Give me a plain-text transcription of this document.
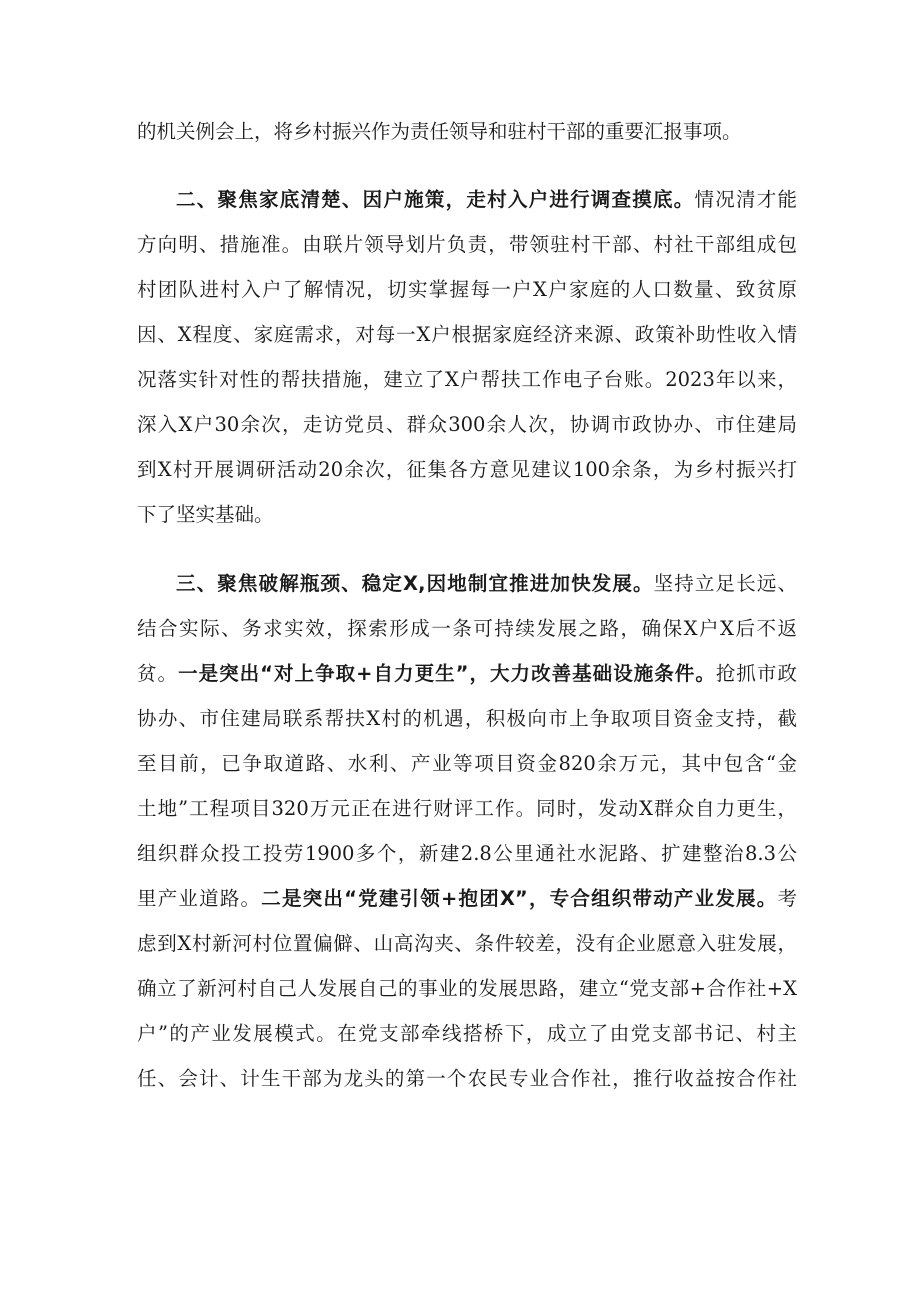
的机关例会上，将乡村振兴作为责任领导和驻村干部的重要汇报事项。
二、聚焦家底清楚、因户施策，走村入户进行调查摸底。情况清才能
方向明、措施准。由联片领导划片负责，带领驻村干部、村社干部组成包
村团队进村入户了解情况，切实掌握每一户X户家庭的人口数量、致贫原
因、X程度、家庭需求，对每一X户根据家庭经济来源、政策补助性收入情
况落实针对性的帮扶措施，建立了X户帮扶工作电子台账。2023年以来，
深入X户30余次，走访党员、群众300余人次，协调市政协办、市住建局
到X村开展调研活动20余次，征集各方意见建议100余条，为乡村振兴打
下了坚实基础。
三、聚焦破解瓶颈、稳定X,因地制宜推进加快发展。坚持立足长远、
结合实际、务求实效，探索形成一条可持续发展之路，确保X户X后不返
贫。一是突出“对上争取+自力更生”，大力改善基础设施条件。抢抓市政
协办、市住建局联系帮扶X村的机遇，积极向市上争取项目资金支持，截
至目前，已争取道路、水利、产业等项目资金820余万元，其中包含“金
土地”工程项目320万元正在进行财评工作。同时，发动X群众自力更生，
组织群众投工投劳1900多个，新建2.8公里通社水泥路、扩建整治8.3公
里产业道路。二是突出“党建引领+抱团X”，专合组织带动产业发展。考
虑到X村新河村位置偏僻、山高沟夹、条件较差，没有企业愿意入驻发展，
确立了新河村自己人发展自己的事业的发展思路，建立“党支部+合作社+X
户”的产业发展模式。在党支部牵线搭桥下，成立了由党支部书记、村主
任、会计、计生干部为龙头的第一个农民专业合作社，推行收益按合作社
